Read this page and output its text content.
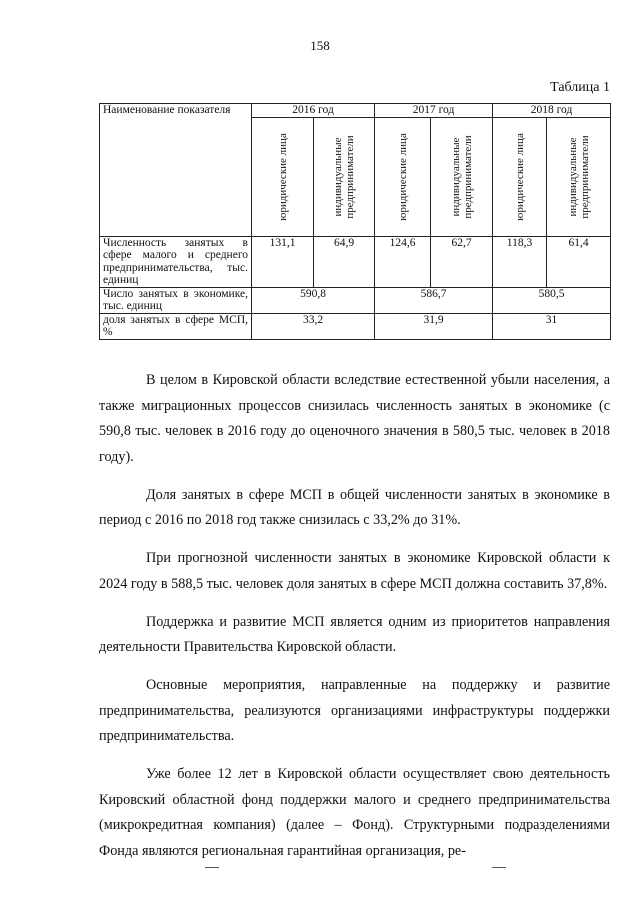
158
Таблица 1
Наименование показателя	2016 год		2017 год		2018 год	

	юридические лица	индивидуальные предприниматели	юридические лица	индивидуальные предприниматели	юридические лица	индивидуальные предприниматели

Численность занятых в сфере малого и среднего предпринимательства, тыс. единиц	131,1	64,9	124,6	62,7	118,3	61,4
Число занятых в экономике, тыс. единиц	590,8		586,7		580,5	
доля занятых в сфере МСП, %	33,2		31,9		31	

В целом в Кировской области вследствие естественной убыли населения, а также миграционных процессов снизилась численность занятых в экономике (с 590,8 тыс. человек в 2016 году до оценочного значения в 580,5 тыс. человек в 2018 году).

Доля занятых в сфере МСП в общей численности занятых в экономике в период с 2016 по 2018 год также снизилась с 33,2% до 31%.

При прогнозной численности занятых в экономике Кировской области к 2024 году в 588,5 тыс. человек доля занятых в сфере МСП должна составить 37,8%.

Поддержка и развитие МСП является одним из приоритетов направления деятельности Правительства Кировской области.

Основные мероприятия, направленные на поддержку и развитие предпринимательства, реализуются организациями инфраструктуры поддержки предпринимательства.

Уже более 12 лет в Кировской области осуществляет свою деятельность Кировский областной фонд поддержки малого и среднего предпринимательства (микрокредитная компания) (далее – Фонд). Структурными подразделениями Фонда являются региональная гарантийная организация, ре-
